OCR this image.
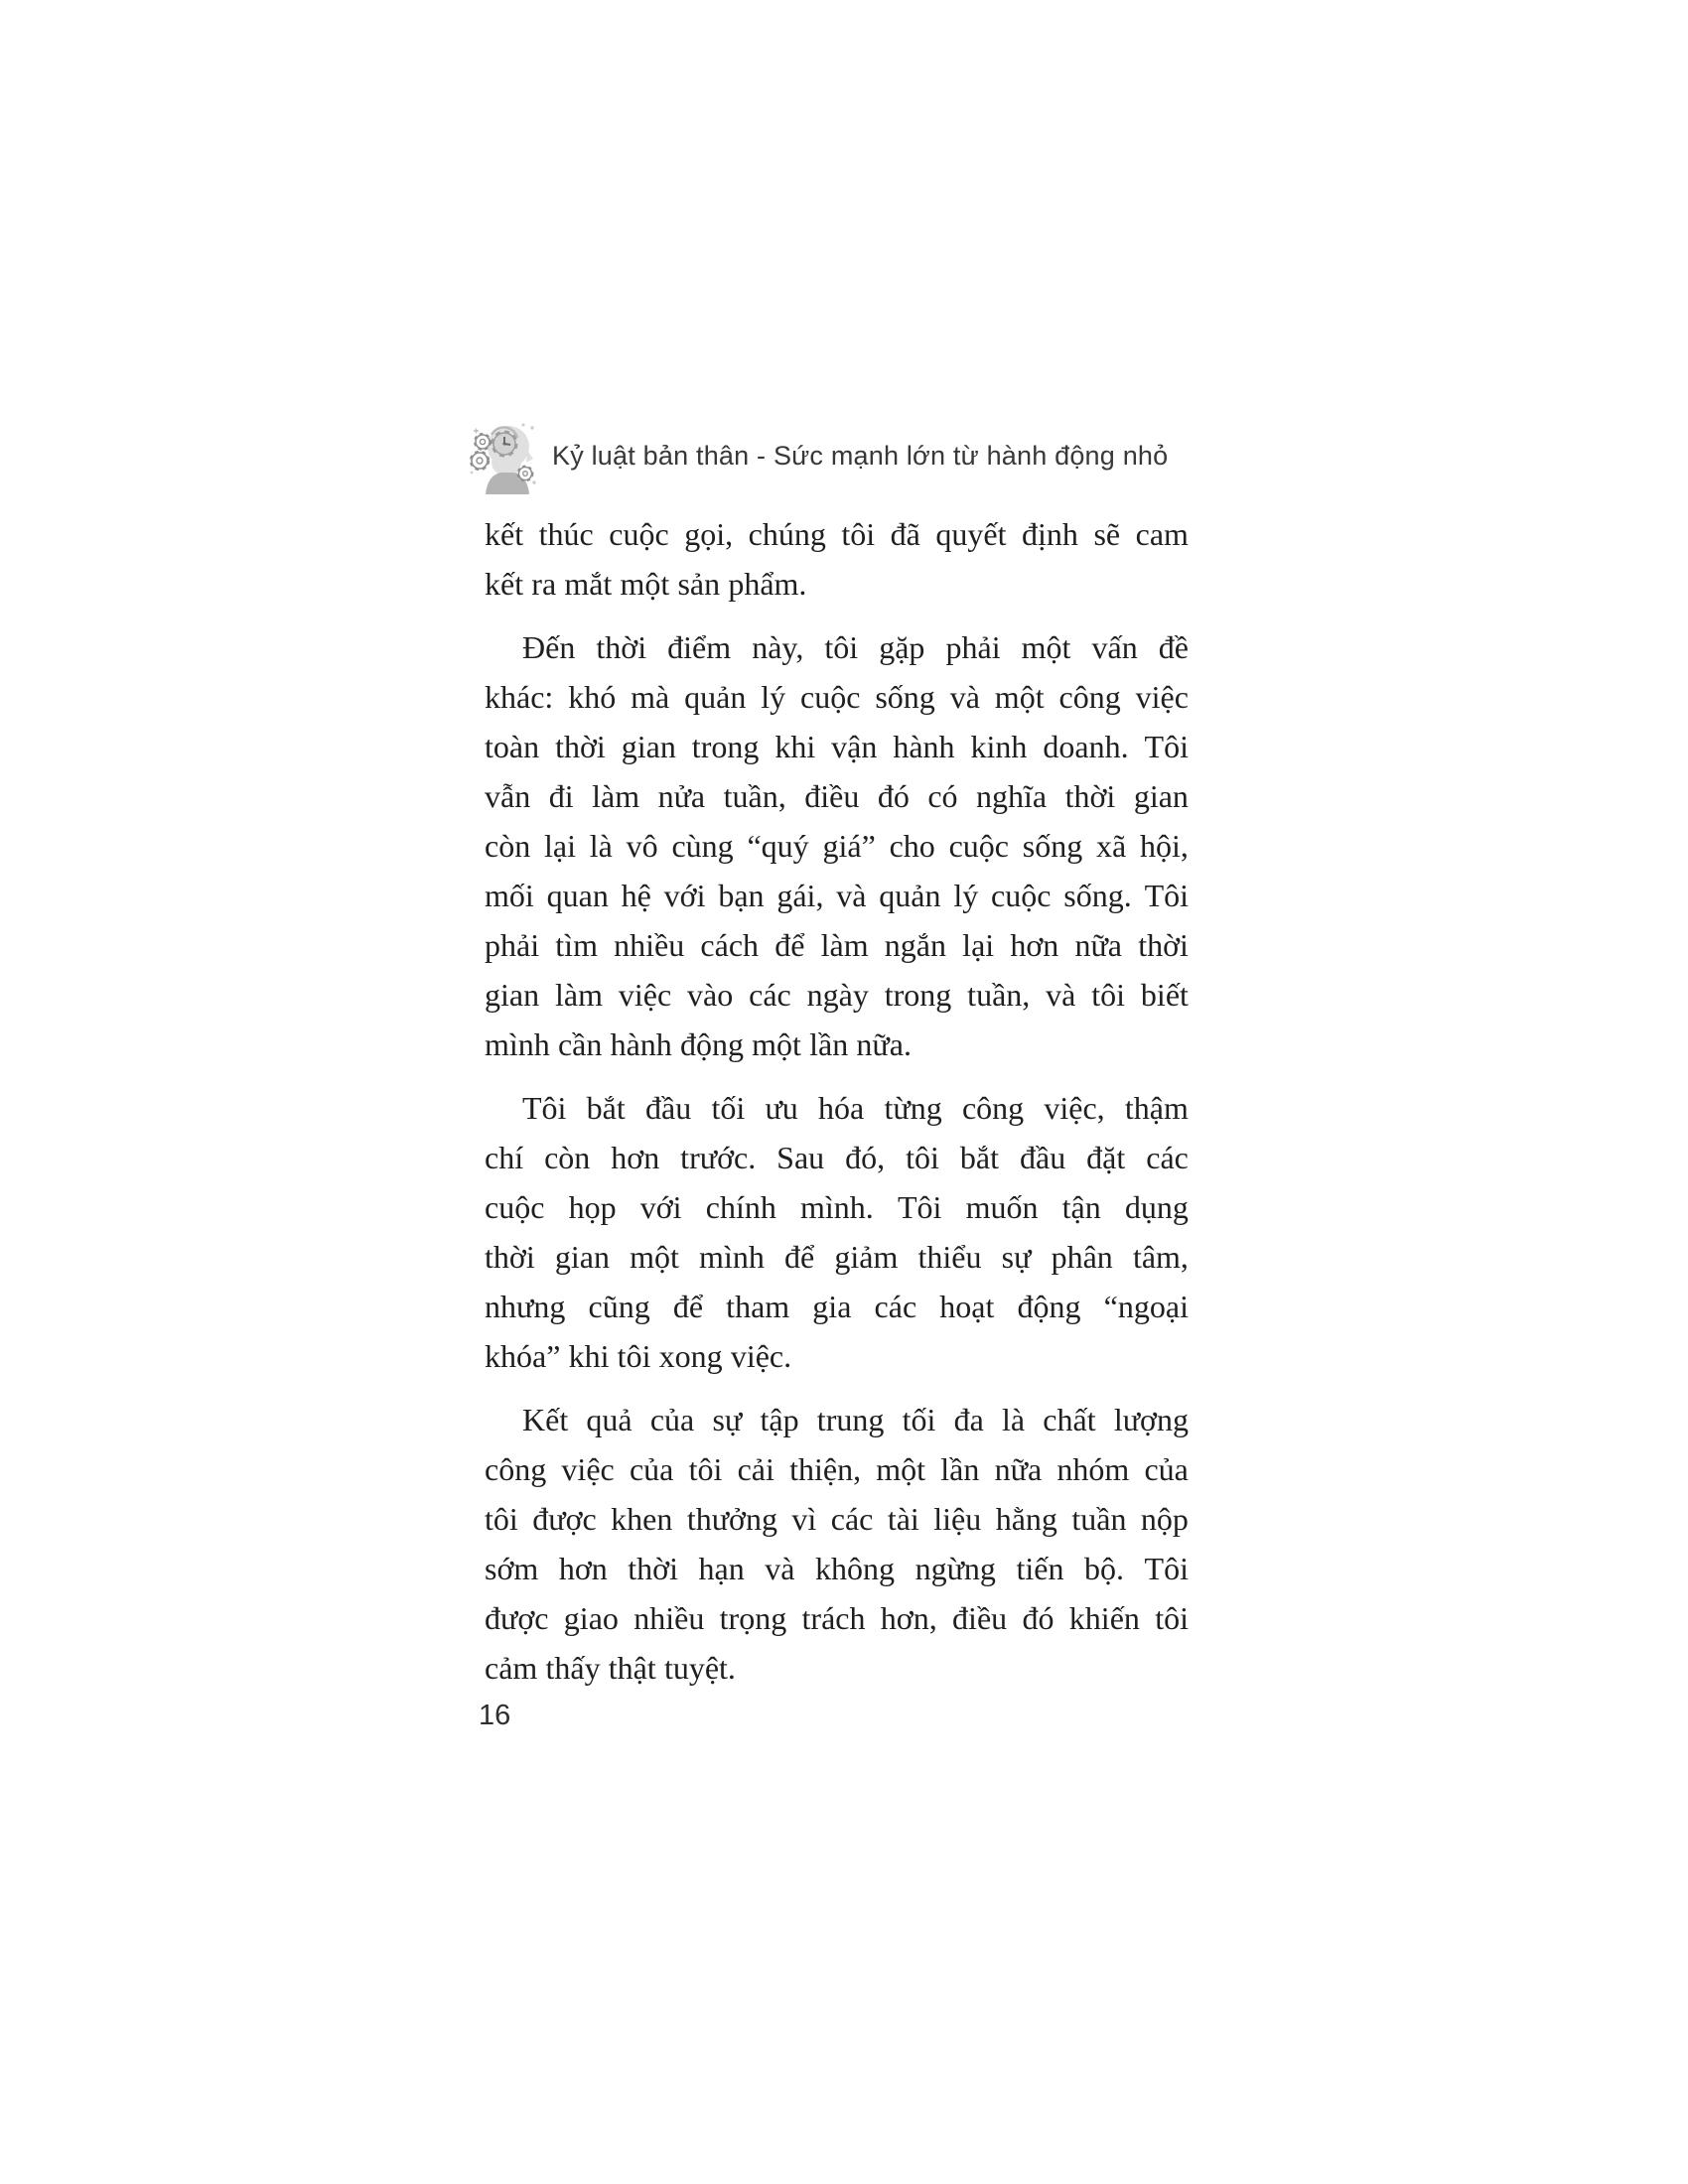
Kỷ luật bản thân - Sức mạnh lớn từ hành động nhỏ

kết thúc cuộc gọi, chúng tôi đã quyết định sẽ cam
kết ra mắt một sản phẩm.

Đến thời điểm này, tôi gặp phải một vấn đề
khác: khó mà quản lý cuộc sống và một công việc
toàn thời gian trong khi vận hành kinh doanh. Tôi
vẫn đi làm nửa tuần, điều đó có nghĩa thời gian
còn lại là vô cùng “quý giá” cho cuộc sống xã hội,
mối quan hệ với bạn gái, và quản lý cuộc sống. Tôi
phải tìm nhiều cách để làm ngắn lại hơn nữa thời
gian làm việc vào các ngày trong tuần, và tôi biết
mình cần hành động một lần nữa.

Tôi bắt đầu tối ưu hóa từng công việc, thậm
chí còn hơn trước. Sau đó, tôi bắt đầu đặt các
cuộc họp với chính mình. Tôi muốn tận dụng
thời gian một mình để giảm thiểu sự phân tâm,
nhưng cũng để tham gia các hoạt động “ngoại
khóa” khi tôi xong việc.

Kết quả của sự tập trung tối đa là chất lượng
công việc của tôi cải thiện, một lần nữa nhóm của
tôi được khen thưởng vì các tài liệu hằng tuần nộp
sớm hơn thời hạn và không ngừng tiến bộ. Tôi
được giao nhiều trọng trách hơn, điều đó khiến tôi
cảm thấy thật tuyệt.

16
